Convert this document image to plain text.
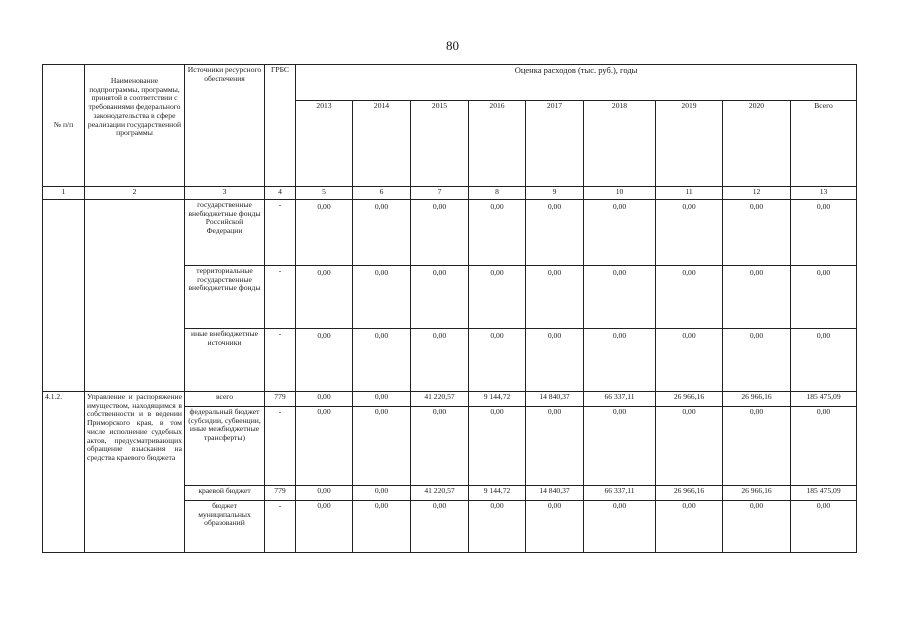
80
№ п/п	Наименование подпрограммы, программы, принятой в соответствии с требованиями федерального законодательства в сфере реализации государственной программы	Источники ресурсного обеспечения	ГРБС	Оценка расходов (тыс. руб.), годы								
				2013	2014	2015	2016	2017	2018	2019	2020	Всего
1	2	3	4	5	6	7	8	9	10	11	12	13
		государственные внебюджетные фонды Российской Федерации	-	0,00	0,00	0,00	0,00	0,00	0,00	0,00	0,00	0,00
		территориальные государственные внебюджетные фонды	-	0,00	0,00	0,00	0,00	0,00	0,00	0,00	0,00	0,00
		иные внебюджетные источники	-	0,00	0,00	0,00	0,00	0,00	0,00	0,00	0,00	0,00
4.1.2.	Управление и распоряжение имуществом, находящимся в собственности и в ведении Приморского края, в том числе исполнение судебных актов, предусматривающих обращение взыскания на средства краевого бюджета	всего	779	0,00	0,00	41 220,57	9 144,72	14 840,37	66 337,11	26 966,16	26 966,16	185 475,09
		федеральный бюджет (субсидии, субвенции, иные межбюджетные трансферты)	-	0,00	0,00	0,00	0,00	0,00	0,00	0,00	0,00	0,00
		краевой бюджет	779	0,00	0,00	41 220,57	9 144,72	14 840,37	66 337,11	26 966,16	26 966,16	185 475,09
		бюджет муниципальных образований	-	0,00	0,00	0,00	0,00	0,00	0,00	0,00	0,00	0,00
